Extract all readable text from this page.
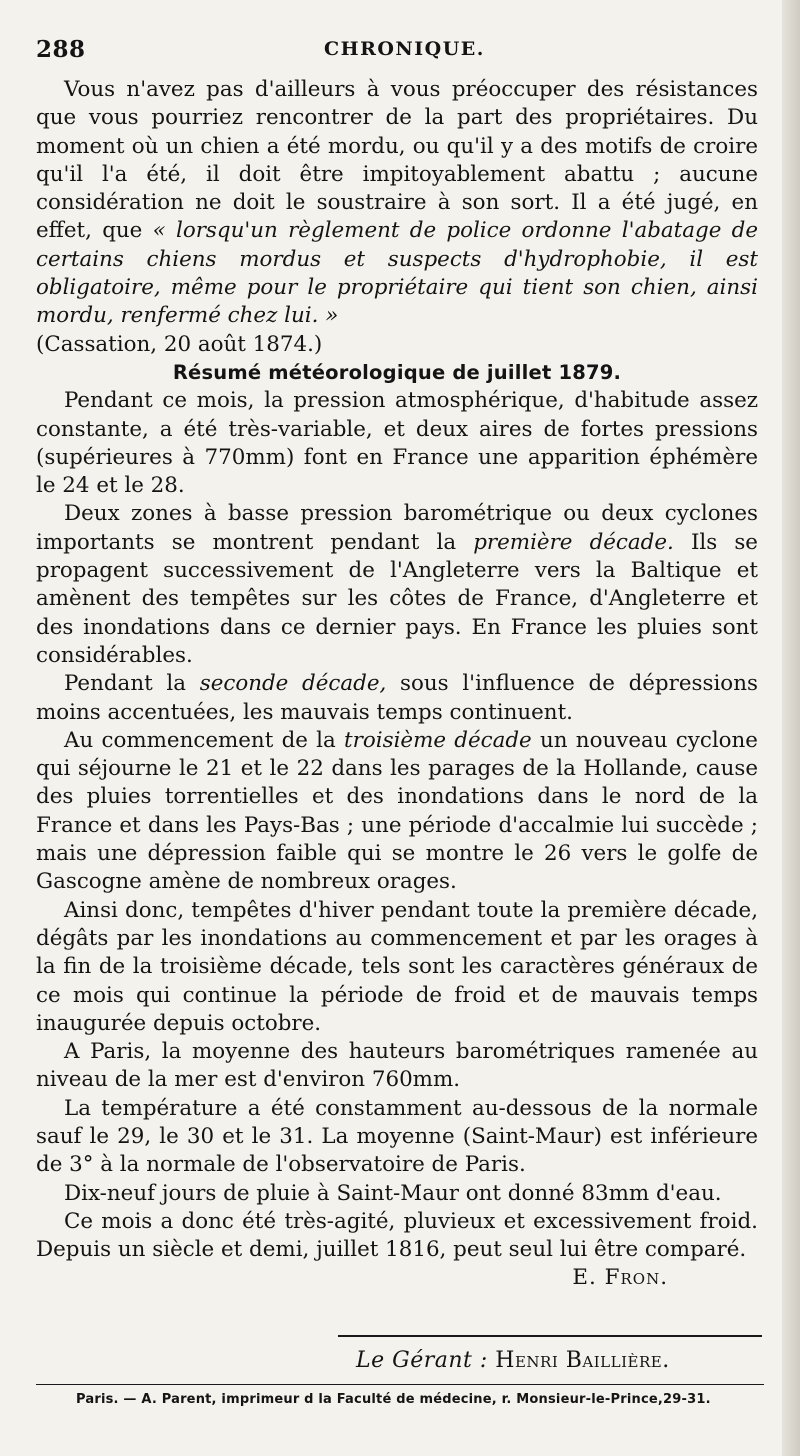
288	CHRONIQUE.

Vous n'avez pas d'ailleurs à vous préoccuper des résistances que vous pourriez rencontrer de la part des propriétaires. Du moment où un chien a été mordu, ou qu'il y a des motifs de croire qu'il l'a été, il doit être impitoyablement abattu ; aucune considération ne doit le soustraire à son sort. Il a été jugé, en effet, que « lorsqu'un règlement de police ordonne l'abatage de certains chiens mordus et suspects d'hydrophobie, il est obligatoire, même pour le propriétaire qui tient son chien, ainsi mordu, renfermé chez lui. »

(Cassation, 20 août 1874.)

Résumé météorologique de juillet 1879.

Pendant ce mois, la pression atmosphérique, d'habitude assez constante, a été très-variable, et deux aires de fortes pressions (supérieures à 770mm) font en France une apparition éphémère le 24 et le 28.

Deux zones à basse pression barométrique ou deux cyclones importants se montrent pendant la première décade. Ils se propagent successivement de l'Angleterre vers la Baltique et amènent des tempêtes sur les côtes de France, d'Angleterre et des inondations dans ce dernier pays. En France les pluies sont considérables.

Pendant la seconde décade, sous l'influence de dépressions moins accentuées, les mauvais temps continuent.

Au commencement de la troisième décade un nouveau cyclone qui séjourne le 21 et le 22 dans les parages de la Hollande, cause des pluies torrentielles et des inondations dans le nord de la France et dans les Pays-Bas ; une période d'accalmie lui succède ; mais une dépression faible qui se montre le 26 vers le golfe de Gascogne amène de nombreux orages.

Ainsi donc, tempêtes d'hiver pendant toute la première décade, dégâts par les inondations au commencement et par les orages à la fin de la troisième décade, tels sont les caractères généraux de ce mois qui continue la période de froid et de mauvais temps inaugurée depuis octobre.

A Paris, la moyenne des hauteurs barométriques ramenée au niveau de la mer est d'environ 760mm.

La température a été constamment au-dessous de la normale sauf le 29, le 30 et le 31. La moyenne (Saint-Maur) est inférieure de 3° à la normale de l'observatoire de Paris.

Dix-neuf jours de pluie à Saint-Maur ont donné 83mm d'eau.

Ce mois a donc été très-agité, pluvieux et excessivement froid. Depuis un siècle et demi, juillet 1816, peut seul lui être comparé.

E. Fron.

Le Gérant : Henri Baillière.
Paris. — A. Parent, imprimeur d la Faculté de médecine, r. Monsieur-le-Prince,29-31.
